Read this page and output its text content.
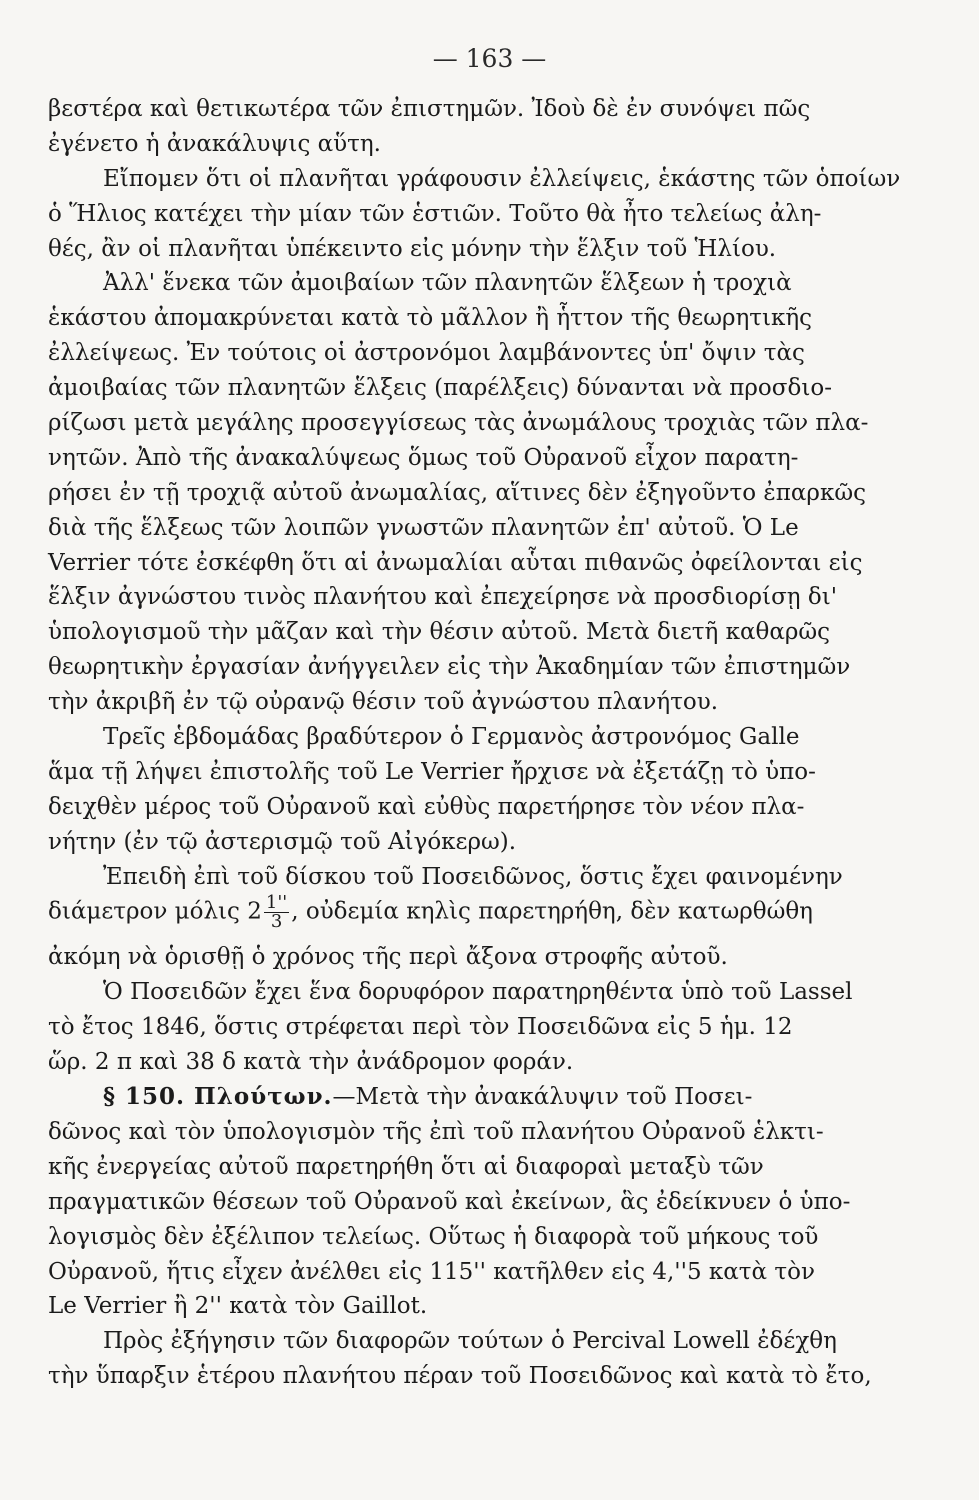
— 163 —
βεστέρα καὶ θετικωτέρα τῶν ἐπιστημῶν. Ἰδοὺ δὲ ἐν συνόψει πῶς
ἐγένετο ἡ ἀνακάλυψις αὕτη.
Εἴπομεν ὅτι οἱ πλανῆται γράφουσιν ἐλλείψεις, ἑκάστης τῶν ὁποίων
ὁ Ἥλιος κατέχει τὴν μίαν τῶν ἑστιῶν. Τοῦτο θὰ ἦτο τελείως ἀλη-
θές, ἂν οἱ πλανῆται ὑπέκειντο εἰς μόνην τὴν ἕλξιν τοῦ Ἡλίου.
Ἀλλ' ἕνεκα τῶν ἀμοιβαίων τῶν πλανητῶν ἕλξεων ἡ τροχιὰ
ἑκάστου ἀπομακρύνεται κατὰ τὸ μᾶλλον ἢ ἧττον τῆς θεωρητικῆς
ἐλλείψεως. Ἐν τούτοις οἱ ἀστρονόμοι λαμβάνοντες ὑπ' ὄψιν τὰς
ἀμοιβαίας τῶν πλανητῶν ἕλξεις (παρέλξεις) δύνανται νὰ προσδιο-
ρίζωσι μετὰ μεγάλης προσεγγίσεως τὰς ἀνωμάλους τροχιὰς τῶν πλα-
νητῶν. Ἀπὸ τῆς ἀνακαλύψεως ὅμως τοῦ Οὐρανοῦ εἶχον παρατη-
ρήσει ἐν τῇ τροχιᾷ αὐτοῦ ἀνωμαλίας, αἵτινες δὲν ἐξηγοῦντο ἐπαρκῶς
διὰ τῆς ἕλξεως τῶν λοιπῶν γνωστῶν πλανητῶν ἐπ' αὐτοῦ. Ὁ Le
Verrier τότε ἐσκέφθη ὅτι αἱ ἀνωμαλίαι αὗται πιθανῶς ὀφείλονται εἰς
ἕλξιν ἀγνώστου τινὸς πλανήτου καὶ ἐπεχείρησε νὰ προσδιορίσῃ δι'
ὑπολογισμοῦ τὴν μᾶζαν καὶ τὴν θέσιν αὐτοῦ. Μετὰ διετῆ καθαρῶς
θεωρητικὴν ἐργασίαν ἀνήγγειλεν εἰς τὴν Ἀκαδημίαν τῶν ἐπιστημῶν
τὴν ἀκριβῆ ἐν τῷ οὐρανῷ θέσιν τοῦ ἀγνώστου πλανήτου.
Τρεῖς ἑβδομάδας βραδύτερον ὁ Γερμανὸς ἀστρονόμος Galle
ἅμα τῇ λήψει ἐπιστολῆς τοῦ Le Verrier ἤρχισε νὰ ἐξετάζῃ τὸ ὑπο-
δειχθὲν μέρος τοῦ Οὐρανοῦ καὶ εὐθὺς παρετήρησε τὸν νέον πλα-
νήτην (ἐν τῷ ἀστερισμῷ τοῦ Αἰγόκερω).
Ἐπειδὴ ἐπὶ τοῦ δίσκου τοῦ Ποσειδῶνος, ὅστις ἔχει φαινομένην
διάμετρον μόλις $2 \frac{1''}{3}$ , οὐδεμία κηλὶς παρετηρήθη, δὲν κατωρθώθη
ἀκόμη νὰ ὁρισθῇ ὁ χρόνος τῆς περὶ ἄξονα στροφῆς αὐτοῦ.
Ὁ Ποσειδῶν ἔχει ἕνα δορυφόρον παρατηρηθέντα ὑπὸ τοῦ Lassel
τὸ ἔτος 1846, ὅστις στρέφεται περὶ τὸν Ποσειδῶνα εἰς 5 ἡμ. 12
ὥρ. 2 π καὶ 38 δ κατὰ τὴν ἀνάδρομον φοράν.
§ 150. Πλούτων.—Μετὰ τὴν ἀνακάλυψιν τοῦ Ποσει-
δῶνος καὶ τὸν ὑπολογισμὸν τῆς ἐπὶ τοῦ πλανήτου Οὐρανοῦ ἑλκτι-
κῆς ἐνεργείας αὐτοῦ παρετηρήθη ὅτι αἱ διαφοραὶ μεταξὺ τῶν
πραγματικῶν θέσεων τοῦ Οὐρανοῦ καὶ ἐκείνων, ἃς ἐδείκνυεν ὁ ὑπο-
λογισμὸς δὲν ἐξέλιπον τελείως. Οὕτως ἡ διαφορὰ τοῦ μήκους τοῦ
Οὐρανοῦ, ἥτις εἶχεν ἀνέλθει εἰς 115'' κατῆλθεν εἰς 4,''5 κατὰ τὸν
Le Verrier ἢ 2'' κατὰ τὸν Gaillot.
Πρὸς ἐξήγησιν τῶν διαφορῶν τούτων ὁ Percival Lowell ἐδέχθη
τὴν ὕπαρξιν ἑτέρου πλανήτου πέραν τοῦ Ποσειδῶνος καὶ κατὰ τὸ ἔτο,
